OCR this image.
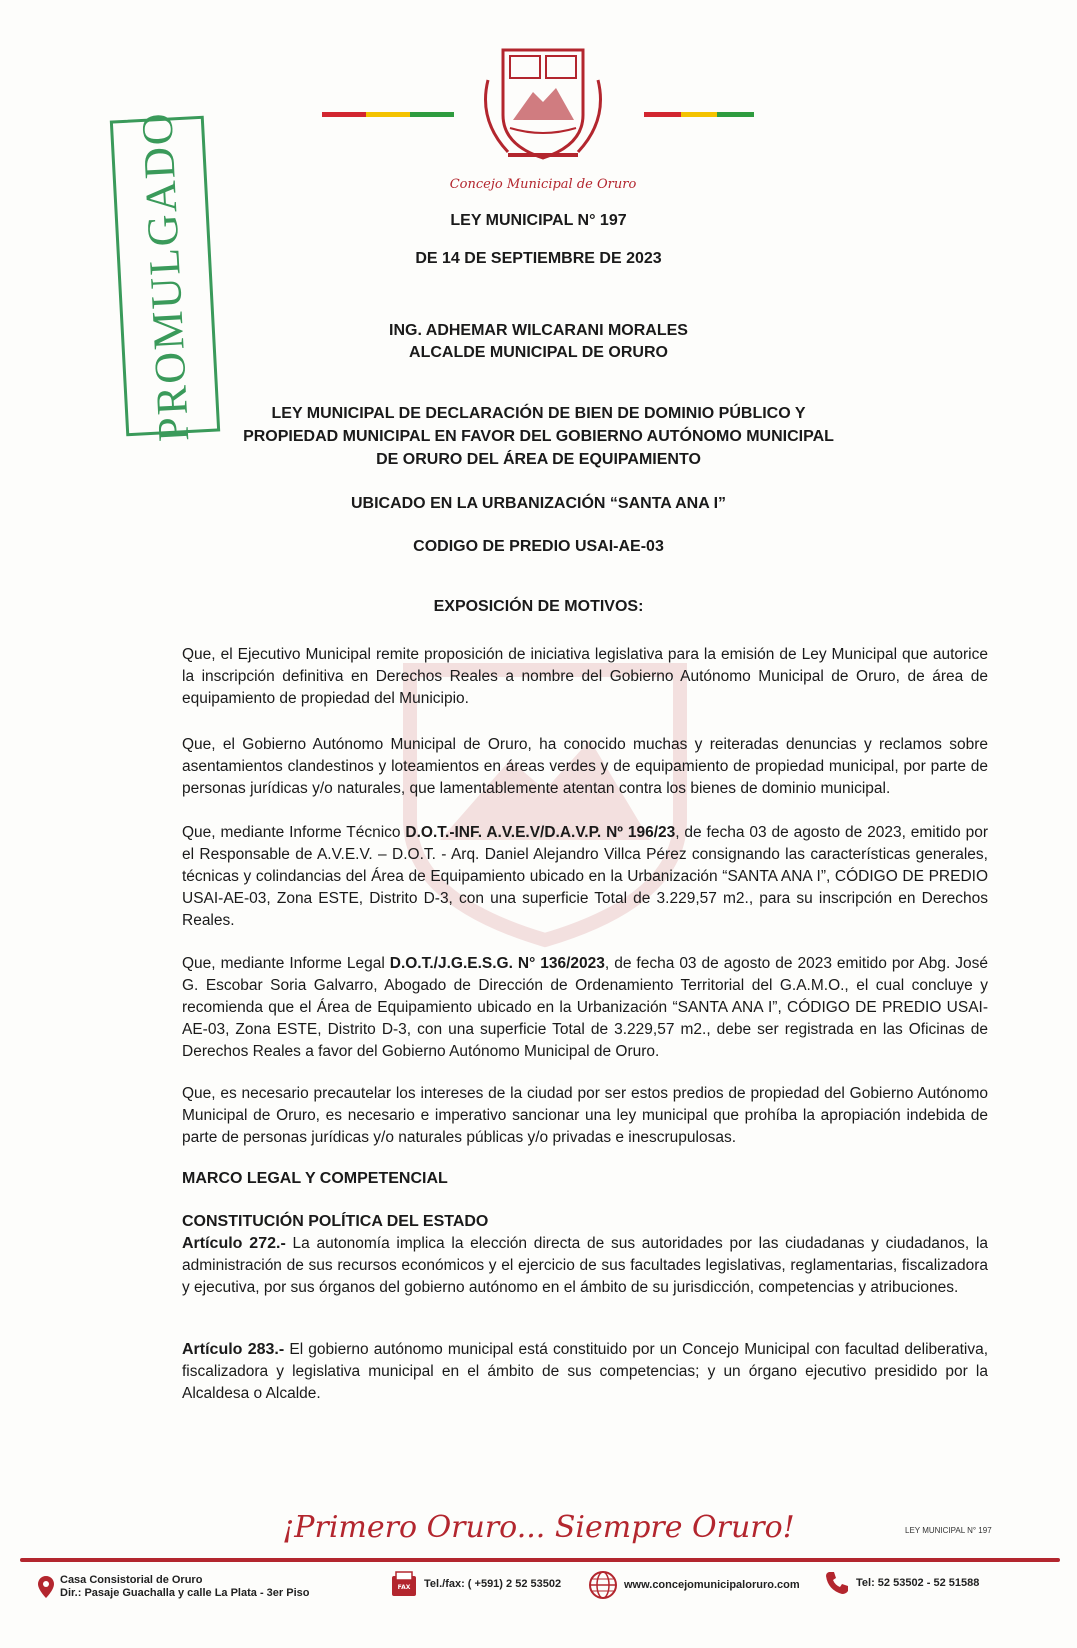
Concejo Municipal de Oruro
PROMULGADO	LEY MUNICIPAL N° 197
DE 14 DE SEPTIEMBRE DE 2023
ING. ADHEMAR WILCARANI MORALES
ALCALDE MUNICIPAL DE ORURO
LEY MUNICIPAL DE DECLARACIÓN DE BIEN DE DOMINIO PÚBLICO Y
PROPIEDAD MUNICIPAL EN FAVOR DEL GOBIERNO AUTÓNOMO MUNICIPAL
DE ORURO DEL ÁREA DE EQUIPAMIENTO
UBICADO EN LA URBANIZACIÓN “SANTA ANA I”
CODIGO DE PREDIO USAI-AE-03
EXPOSICIÓN DE MOTIVOS:

Que, el Ejecutivo Municipal remite proposición de iniciativa legislativa para la emisión de Ley Municipal que autorice la inscripción definitiva en Derechos Reales a nombre del Gobierno Autónomo Municipal de Oruro, de área de equipamiento de propiedad del Municipio.

Que, el Gobierno Autónomo Municipal de Oruro, ha conocido muchas y reiteradas denuncias y reclamos sobre asentamientos clandestinos y loteamientos en áreas verdes y de equipamiento de propiedad municipal, por parte de personas jurídicas y/o naturales, que lamentablemente atentan contra los bienes de dominio municipal.

Que, mediante Informe Técnico D.O.T.-INF. A.V.E.V/D.A.V.P. Nº 196/23, de fecha 03 de agosto de 2023, emitido por el Responsable de A.V.E.V. – D.O.T. - Arq. Daniel Alejandro Villca Pérez consignando las características generales, técnicas y colindancias del Área de Equipamiento ubicado en la Urbanización “SANTA ANA I”, CÓDIGO DE PREDIO USAI-AE-03, Zona ESTE, Distrito D-3, con una superficie Total de 3.229,57 m2., para su inscripción en Derechos Reales.

Que, mediante Informe Legal D.O.T./J.G.E.S.G. N° 136/2023, de fecha 03 de agosto de 2023 emitido por Abg. José G. Escobar Soria Galvarro, Abogado de Dirección de Ordenamiento Territorial del G.A.M.O., el cual concluye y recomienda que el Área de Equipamiento ubicado en la Urbanización “SANTA ANA I”, CÓDIGO DE PREDIO USAI-AE-03, Zona ESTE, Distrito D-3, con una superficie Total de 3.229,57 m2., debe ser registrada en las Oficinas de Derechos Reales a favor del Gobierno Autónomo Municipal de Oruro.

Que, es necesario precautelar los intereses de la ciudad por ser estos predios de propiedad del Gobierno Autónomo Municipal de Oruro, es necesario e imperativo sancionar una ley municipal que prohíba la apropiación indebida de parte de personas jurídicas y/o naturales públicas y/o privadas e inescrupulosas.

MARCO LEGAL Y COMPETENCIAL
CONSTITUCIÓN POLÍTICA DEL ESTADO

Artículo 272.- La autonomía implica la elección directa de sus autoridades por las ciudadanas y ciudadanos, la administración de sus recursos económicos y el ejercicio de sus facultades legislativas, reglamentarias, fiscalizadora y ejecutiva, por sus órganos del gobierno autónomo en el ámbito de su jurisdicción, competencias y atribuciones.

Artículo 283.- El gobierno autónomo municipal está constituido por un Concejo Municipal con facultad deliberativa, fiscalizadora y legislativa municipal en el ámbito de sus competencias; y un órgano ejecutivo presidido por la Alcaldesa o Alcalde.

¡Primero Oruro... Siempre Oruro!	LEY MUNICIPAL N° 197
Casa Consistorial de Oruro
Dir.: Pasaje Guachalla y calle La Plata - 3er Piso	FAX Tel./fax: ( +591) 2 52 53502	www.concejomunicipaloruro.com	Tel: 52 53502 - 52 51588
